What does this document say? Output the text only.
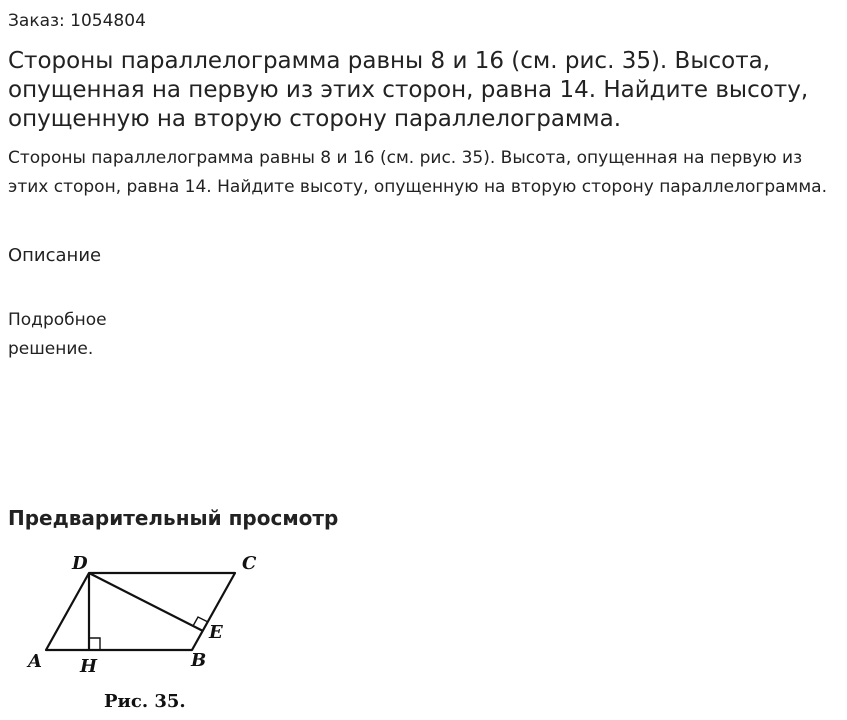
Заказ: 1054804
Стороны параллелограмма равны 8 и 16 (см. рис. 35). Высота, опущенная на первую из этих сторон, равна 14. Найдите высоту, опущенную на вторую сторону параллелограмма.

Стороны параллелограмма равны 8 и 16 (см. рис. 35). Высота, опущенная на первую из этих сторон, равна 14. Найдите высоту, опущенную на вторую сторону параллелограмма.

Описание
Подробное
решение.
Предварительный просмотр
D	C
A H	B
E
Рис. 35.
